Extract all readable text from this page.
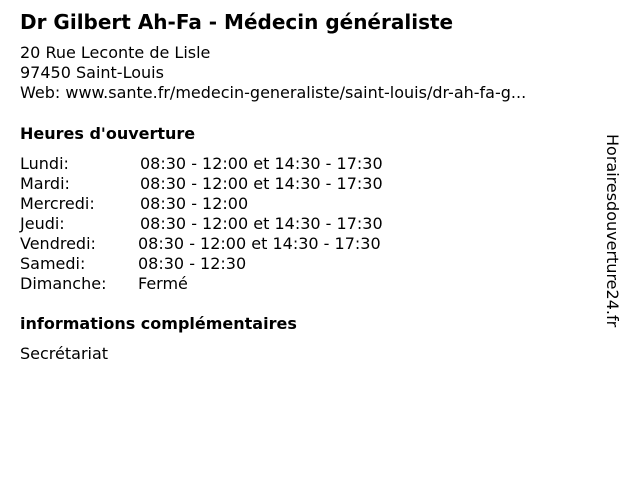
Dr Gilbert Ah-Fa - Médecin généraliste
20 Rue Leconte de Lisle
97450 Saint-Louis
Web: www.sante.fr/medecin-generaliste/saint-louis/dr-ah-fa-g...
Heures d'ouverture
Lundi:	08:30 - 12:00 et 14:30 - 17:30
Mardi:	08:30 - 12:00 et 14:30 - 17:30
Mercredi:	08:30 - 12:00
Jeudi:	08:30 - 12:00 et 14:30 - 17:30
Vendredi:	08:30 - 12:00 et 14:30 - 17:30
Samedi:	08:30 - 12:30
Dimanche: Fermé
informations complémentaires
Secrétariat
Horairesdouverture24.fr
